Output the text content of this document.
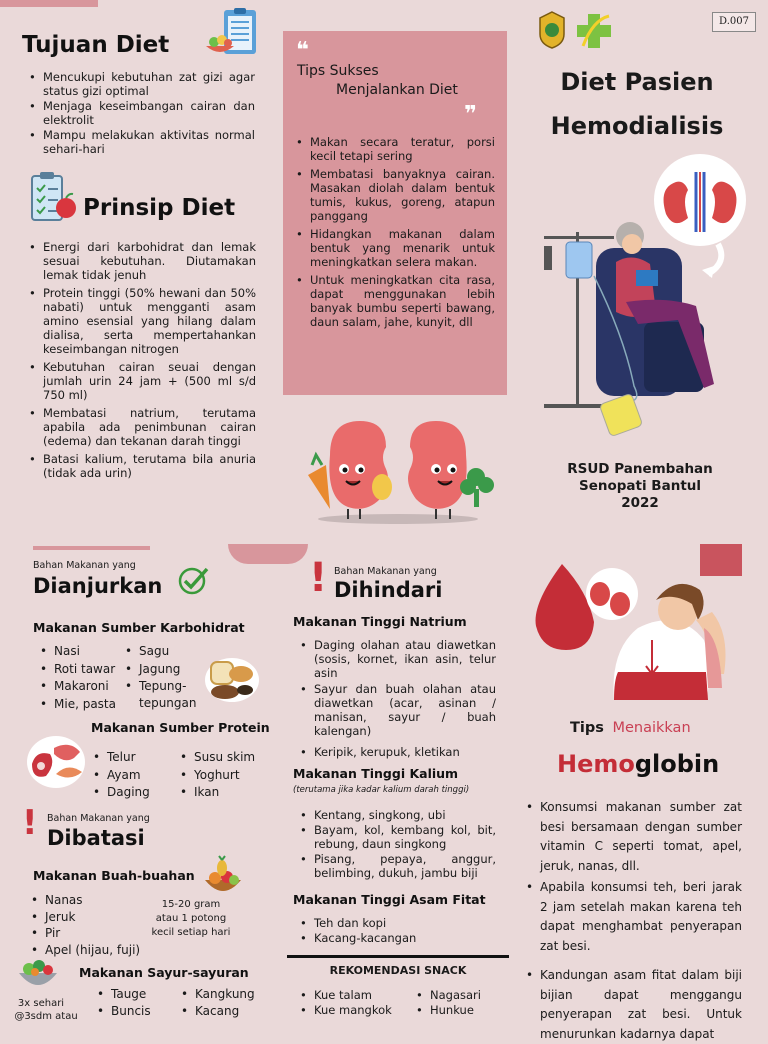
Tujuan Diet
• Mencukupi kebutuhan zat gizi agar status gizi optimal
• Menjaga keseimbangan cairan dan elektrolit
• Mampu melakukan aktivitas normal sehari-hari
Prinsip Diet
• Energi dari karbohidrat dan lemak sesuai kebutuhan. Diutamakan lemak tidak jenuh
• Protein tinggi (50% hewani dan 50% nabati) untuk mengganti asam amino esensial yang hilang dalam dialisa, serta mempertahankan keseimbangan nitrogen
• Kebutuhan cairan seuai dengan jumlah urin 24 jam + (500 ml s/d 750 ml)
• Membatasi natrium, terutama apabila ada penimbunan cairan (edema) dan tekanan darah tinggi
• Batasi kalium, terutama bila anuria (tidak ada urin)
❝
Tips Sukses
Menjalankan Diet
❞
• Makan secara teratur, porsi kecil tetapi sering
• Membatasi banyaknya cairan. Masakan diolah dalam bentuk tumis, kukus, goreng, atapun panggang
• Hidangkan makanan dalam bentuk yang menarik untuk meningkatkan selera makan.
• Untuk meningkatkan cita rasa, dapat menggunakan lebih banyak bumbu seperti bawang, daun salam, jahe, kunyit, dll
D.007
Diet Pasien
Hemodialisis
RSUD Panembahan
Senopati Bantul
2022
Bahan Makanan yang
Dianjurkan
Makanan Sumber Karbohidrat
• Nasi
• Roti tawar
• Makaroni
• Mie, pasta
• Sagu
• Jagung
• Tepung-
tepungan
Makanan Sumber Protein
• Telur
• Ayam
• Daging
• Susu skim
• Yoghurt
• Ikan
! Bahan Makanan yang
Dibatasi
Makanan Buah-buahan
• Nanas
• Jeruk
• Pir
• Apel (hijau, fuji)
15-20 gram
atau 1 potong
kecil setiap hari
Makanan Sayur-sayuran
• Tauge
• Buncis
• Kangkung
• Kacang
3x sehari
@3sdm atau
! Bahan Makanan yang
Dihindari
Makanan Tinggi Natrium
• Daging olahan atau diawetkan (sosis, kornet, ikan asin, telur asin
• Sayur dan buah olahan atau diawetkan (acar, asinan / manisan, sayur / buah kalengan)
• Keripik, kerupuk, kletikan
Makanan Tinggi Kalium
(terutama jika kadar kalium darah tinggi)
• Kentang, singkong, ubi
• Bayam, kol, kembang kol, bit, rebung, daun singkong
• Pisang, pepaya, anggur, belimbing, dukuh, jambu biji
Makanan Tinggi Asam Fitat
• Teh dan kopi
• Kacang-kacangan
REKOMENDASI SNACK
• Kue talam
• Kue mangkok
• Nagasari
• Hunkue
Tips Menaikkan
Hemoglobin
• Konsumsi makanan sumber zat besi bersamaan dengan sumber vitamin C seperti tomat, apel, jeruk, nanas, dll.
• Apabila konsumsi teh, beri jarak 2 jam setelah makan karena teh dapat menghambat penyerapan zat besi.
• Kandungan asam fitat dalam biji bijian dapat menggangu penyerapan zat besi. Untuk menurunkan kadarnya dapat
